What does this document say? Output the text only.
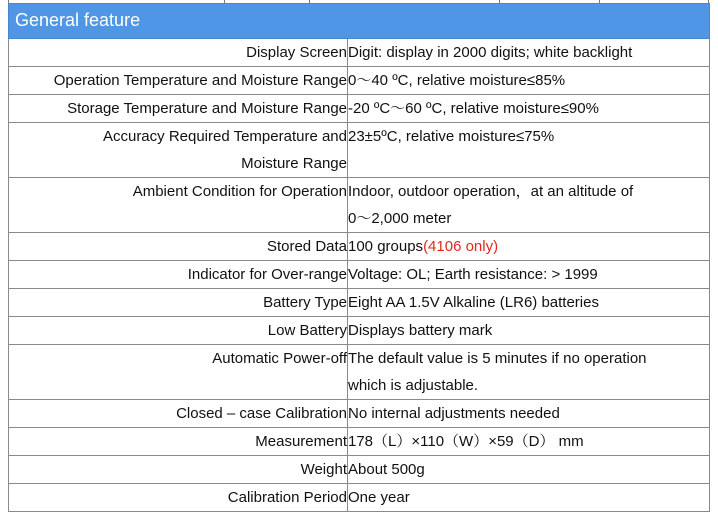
General feature	
Display Screen	Digit: display in 2000 digits; white backlight
Operation Temperature and Moisture Range	0～40 ºC, relative moisture≤85%
Storage Temperature and Moisture Range	-20 ºC～60 ºC, relative moisture≤90%
Accuracy Required Temperature and
Moisture Range	23±5ºC, relative moisture≤75%
Ambient Condition for Operation	Indoor, outdoor operation，at an altitude of
0～2,000 meter
Stored Data	100 groups(4106 only)
Indicator for Over-range	Voltage: OL; Earth resistance: > 1999
Battery Type	Eight AA 1.5V Alkaline (LR6) batteries
Low Battery	Displays battery mark
Automatic Power-off	The default value is 5 minutes if no operation
which is adjustable.
Closed – case Calibration	No internal adjustments needed
Measurement	178（L）×110（W）×59（D） mm
Weight	About 500g
Calibration Period	One year
